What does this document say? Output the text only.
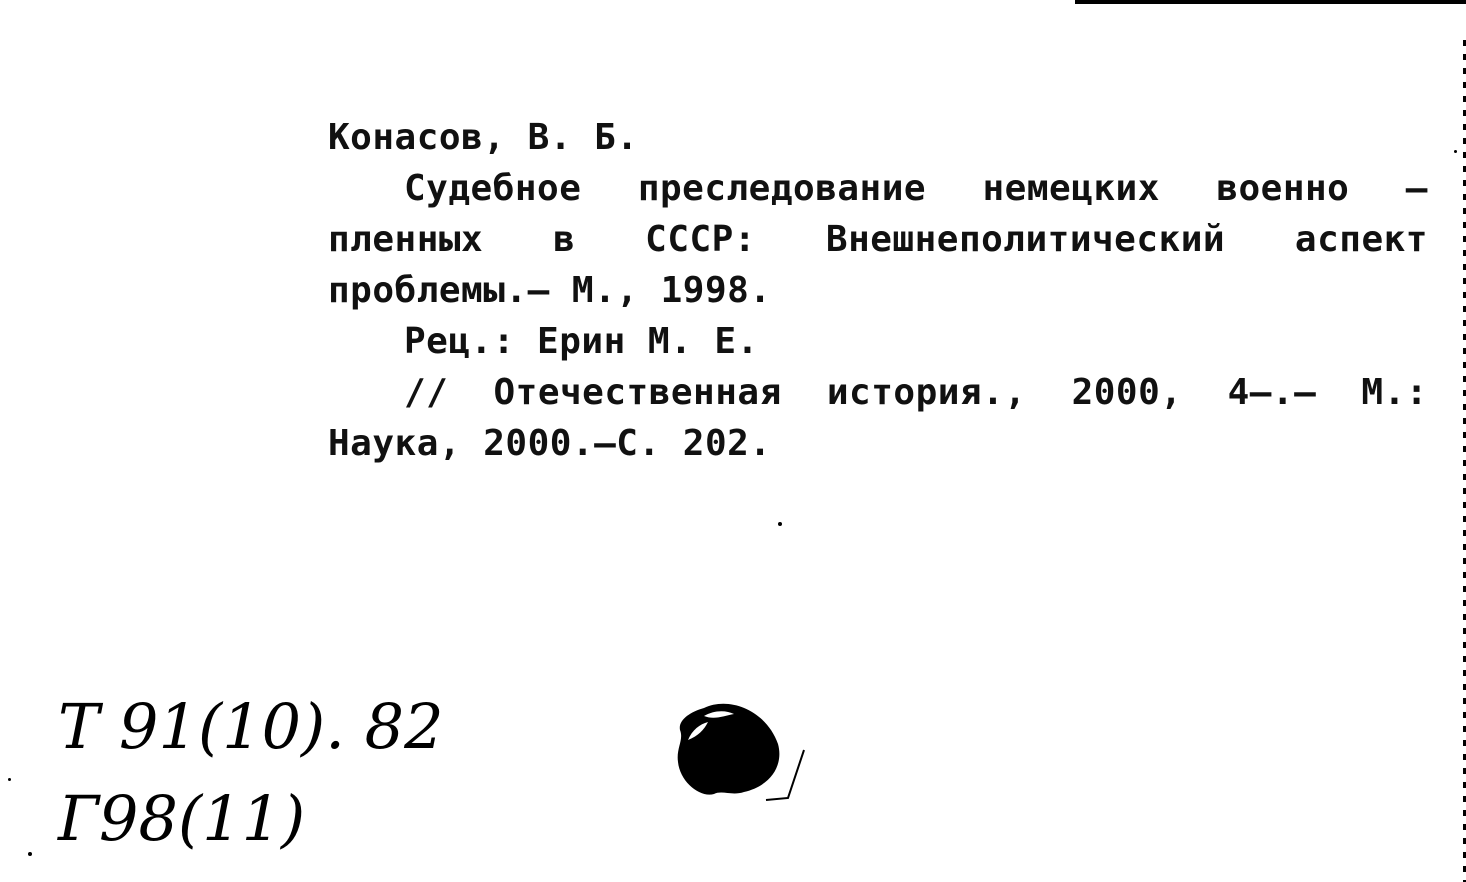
Конасов, В. Б.
Судебное преследование немецких военно –
пленных в СССР: Внешнеполитический аспект
проблемы.– М., 1998.
Рец.: Ерин М. Е.
// Отечественная история., 2000, 4–.– М.:
Наука, 2000.–С. 202.
Т 91(10). 82
Г98(11)
